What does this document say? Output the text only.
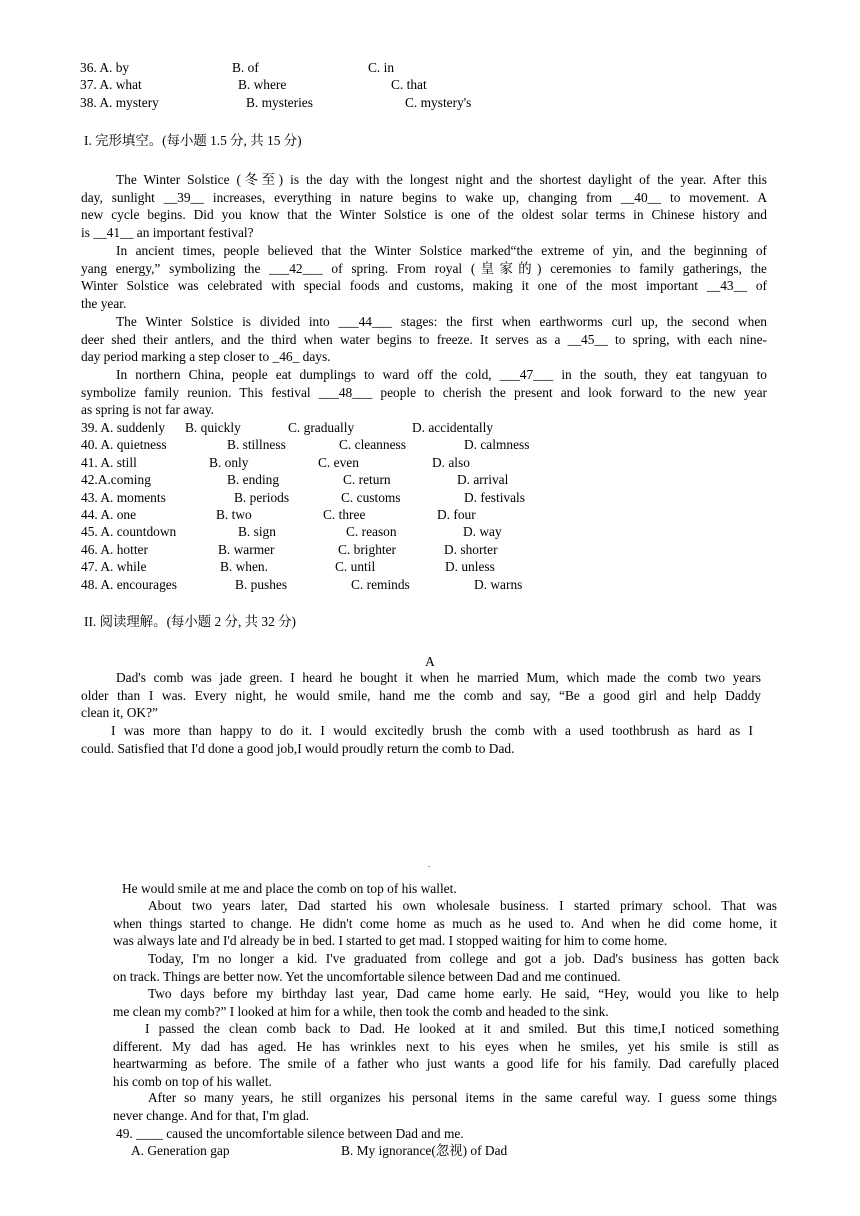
36. A. by	B. of	C. in
37. A. what	B. where	C. that
38. A. mystery	B. mysteries	C. mystery's
I. 完形填空。(每小题 1.5 分, 共 15 分)
The Winter Solstice (冬至) is the day with the longest night and the shortest daylight of the year. After this
day, sunlight __39__ increases, everything in nature begins to wake up, changing from __40__ to movement. A
new cycle begins. Did you know that the Winter Solstice is one of the oldest solar terms in Chinese history and
is __41__ an important festival?
In ancient times, people believed that the Winter Solstice marked“the extreme of yin, and the beginning of
yang energy,” symbolizing the ___42___ of spring. From royal (皇家的) ceremonies to family gatherings, the
Winter Solstice was celebrated with special foods and customs, making it one of the most important __43__ of
the year.
The Winter Solstice is divided into ___44___ stages: the first when earthworms curl up, the second when
deer shed their antlers, and the third when water begins to freeze. It serves as a __45__ to spring, with each nine-
day period marking a step closer to _46_ days.
In northern China, people eat dumplings to ward off the cold, ___47___ in the south, they eat tangyuan to
symbolize family reunion. This festival ___48___ people to cherish the present and look forward to the new year
as spring is not far away.
39. A. suddenly B. quickly	C. gradually	D. accidentally
40. A. quietness	B. stillness	C. cleanness	D. calmness
41. A. still	B. only	C. even	D. also
42.A.coming	B. ending	C. return	D. arrival
43. A. moments	B. periods	C. customs	D. festivals
44. A. one	B. two	C. three	D. four
45. A. countdown	B. sign	C. reason	D. way
46. A. hotter	B. warmer	C. brighter	D. shorter
47. A. while	B. when.	C. until	D. unless
48. A. encourages	B. pushes	C. reminds	D. warns
II. 阅读理解。(每小题 2 分, 共 32 分)
A
Dad's comb was jade green. I heard he bought it when he married Mum, which made the comb two years
older than I was. Every night, he would smile, hand me the comb and say, “Be a good girl and help Daddy
clean it, OK?”
I was more than happy to do it. I would excitedly brush the comb with a used toothbrush as hard as I
could. Satisfied that I'd done a good job,I would proudly return the comb to Dad.
He would smile at me and place the comb on top of his wallet.
About two years later, Dad started his own wholesale business. I started primary school. That was
when things started to change. He didn't come home as much as he used to. And when he did come home, it
was always late and I'd already be in bed. I started to get mad. I stopped waiting for him to come home.
Today, I'm no longer a kid. I've graduated from college and got a job. Dad's business has gotten back
on track. Things are better now. Yet the uncomfortable silence between Dad and me continued.
Two days before my birthday last year, Dad came home early. He said, “Hey, would you like to help
me clean my comb?” I looked at him for a while, then took the comb and headed to the sink.
I passed the clean comb back to Dad. He looked at it and smiled. But this time,I noticed something
different. My dad has aged. He has wrinkles next to his eyes when he smiles, yet his smile is still as
heartwarming as before. The smile of a father who just wants a good life for his family. Dad carefully placed
his comb on top of his wallet.
After so many years, he still organizes his personal items in the same careful way. I guess some things
never change. And for that, I'm glad.
49. ____ caused the uncomfortable silence between Dad and me.
A. Generation gap	B. My ignorance(忽视) of Dad
